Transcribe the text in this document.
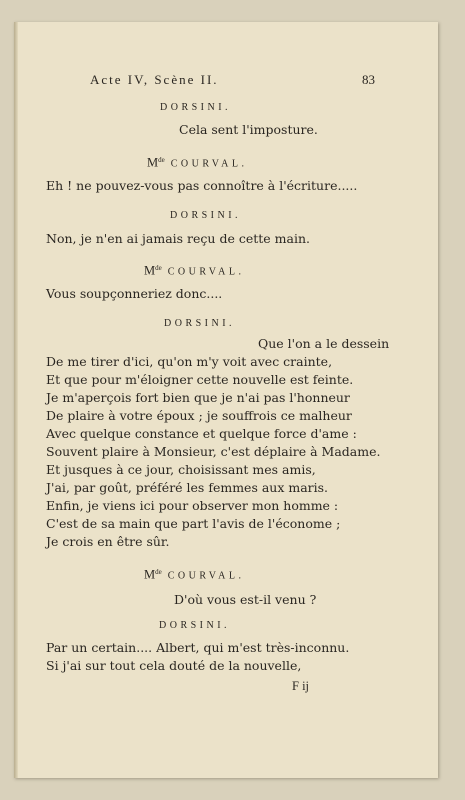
Acte IV, Scène II.	83
DORSINI.
Cela sent l'imposture.
Mde COURVAL.
Eh ! ne pouvez-vous pas connoître à l'écriture.....
DORSINI.
Non, je n'en ai jamais reçu de cette main.
Mde COURVAL.
Vous soupçonneriez donc....
DORSINI.
Que l'on a le dessein
De me tirer d'ici, qu'on m'y voit avec crainte,
Et que pour m'éloigner cette nouvelle est feinte.
Je m'aperçois fort bien que je n'ai pas l'honneur
De plaire à votre époux ; je souffrois ce malheur
Avec quelque constance et quelque force d'ame :
Souvent plaire à Monsieur, c'est déplaire à Madame.
Et jusques à ce jour, choisissant mes amis,
J'ai, par goût, préféré les femmes aux maris.
Enfin, je viens ici pour observer mon homme :
C'est de sa main que part l'avis de l'économe ;
Je crois en être sûr.
Mde COURVAL.
D'où vous est-il venu ?
DORSINI.
Par un certain.... Albert, qui m'est très-inconnu.
Si j'ai sur tout cela douté de la nouvelle,
F ij
